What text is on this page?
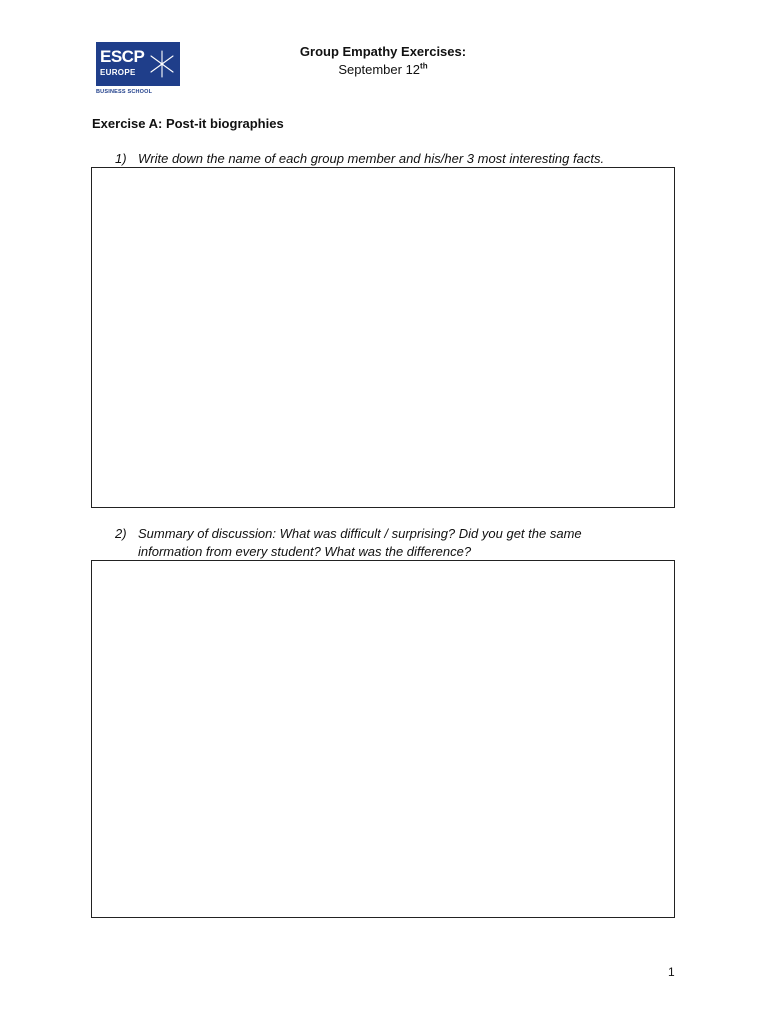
ESCP
EUROPE
BUSINESS SCHOOL
Group Empathy Exercises:
September 12th
Exercise A: Post-it biographies
1) Write down the name of each group member and his/her 3 most interesting facts.
2) Summary of discussion: What was difficult / surprising? Did you get the same information from every student? What was the difference?
1
